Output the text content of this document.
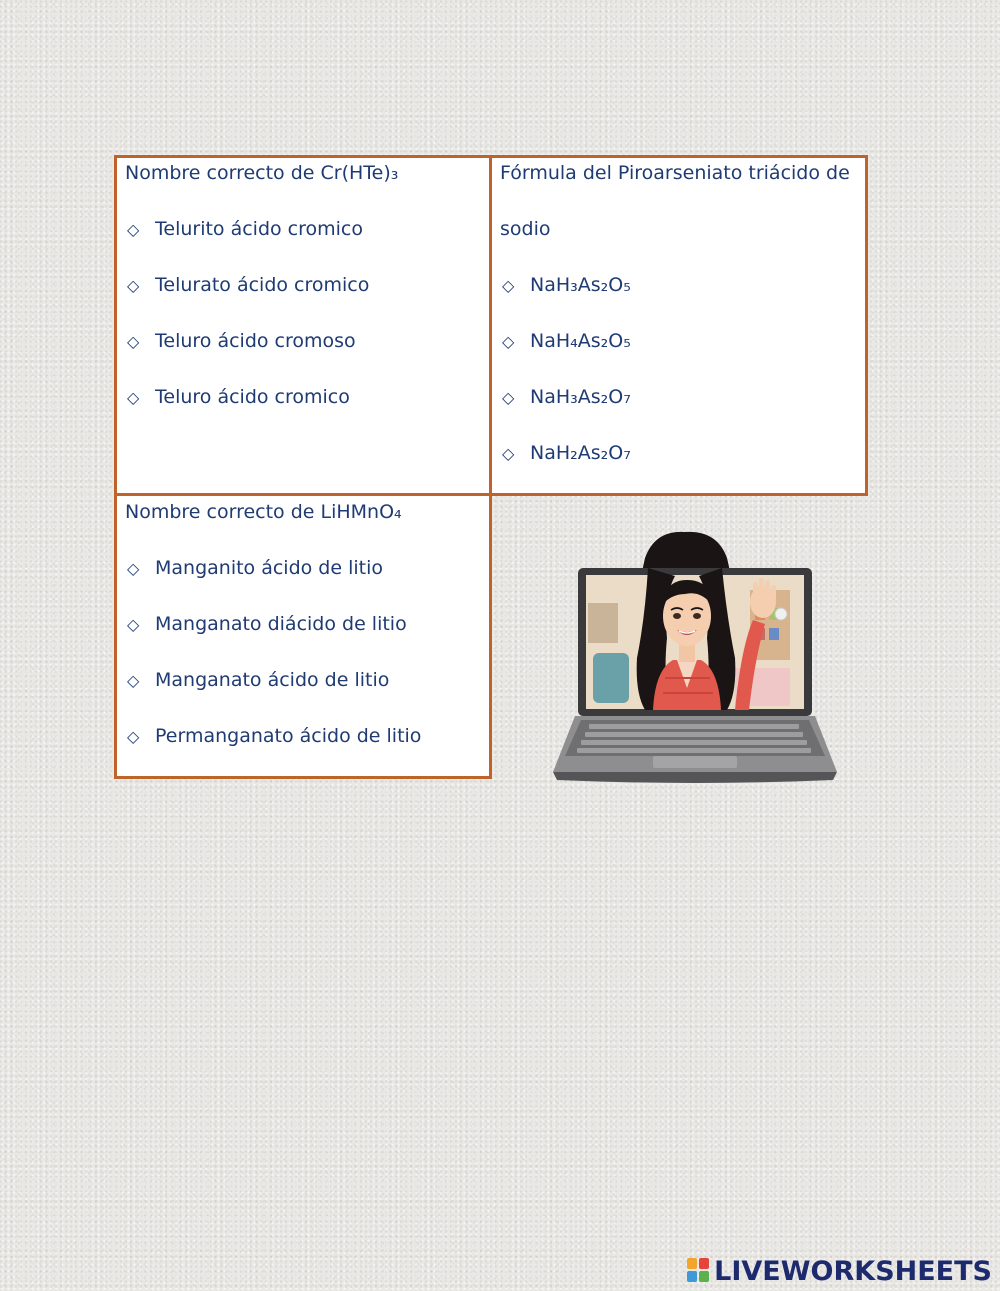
Nombre correcto de Cr(HTe)₃
◇ Telurito ácido cromico
◇ Telurato ácido cromico
◇ Teluro ácido cromoso
◇ Teluro ácido cromico
Fórmula del Piroarseniato triácido de
sodio
◇ NaH₃As₂O₅
◇ NaH₄As₂O₅
◇ NaH₃As₂O₇
◇ NaH₂As₂O₇
Nombre correcto de LiHMnO₄
◇ Manganito ácido de litio
◇ Manganato diácido de litio
◇ Manganato ácido de litio
◇ Permanganato ácido de litio
LIVEWORKSHEETS
